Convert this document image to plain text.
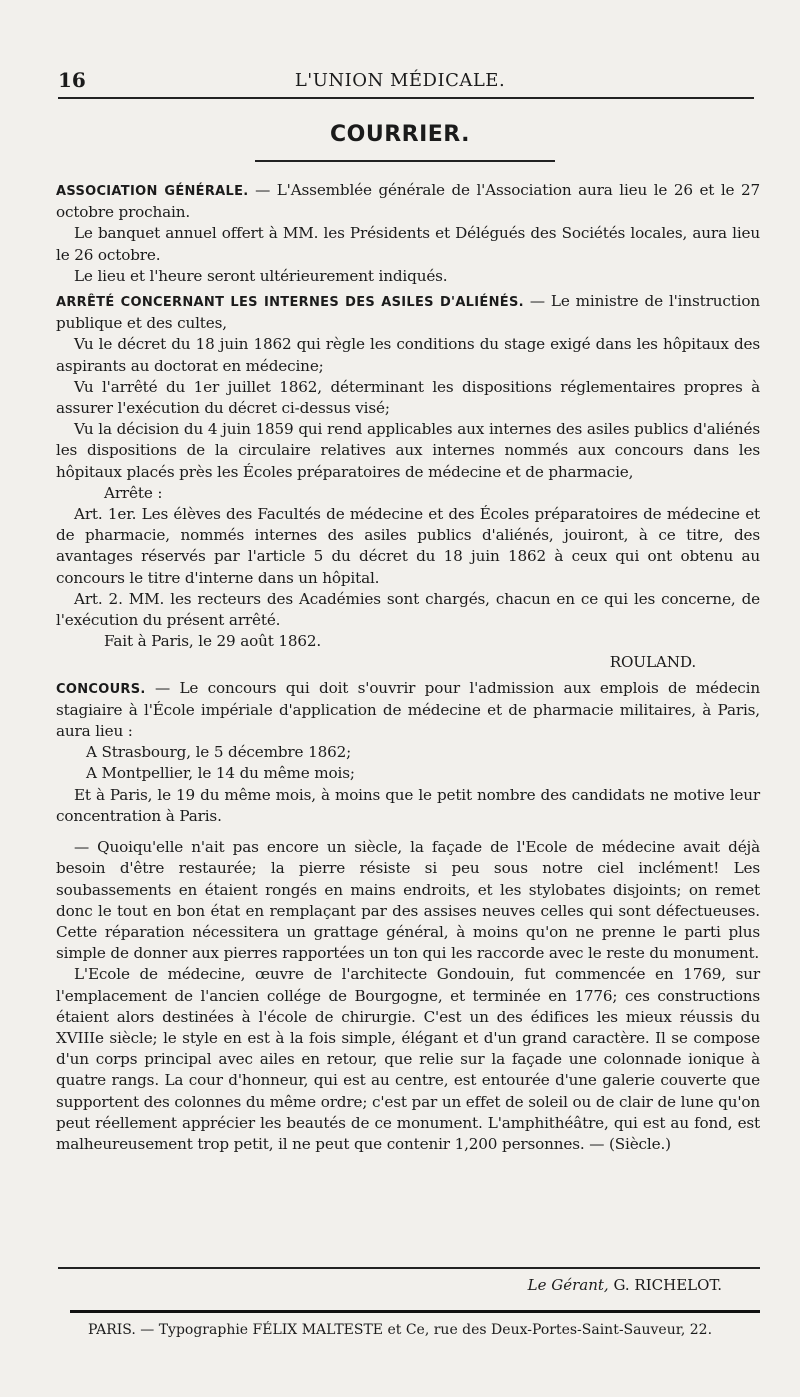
16	L'UNION MÉDICALE.
COURRIER.

ASSOCIATION GÉNÉRALE. — L'Assemblée générale de l'Association aura lieu le 26 et le 27 octobre prochain.

Le banquet annuel offert à MM. les Présidents et Délégués des Sociétés locales, aura lieu le 26 octobre.

Le lieu et l'heure seront ultérieurement indiqués.

ARRÊTÉ CONCERNANT LES INTERNES DES ASILES D'ALIÉNÉS. — Le ministre de l'instruction publique et des cultes,

Vu le décret du 18 juin 1862 qui règle les conditions du stage exigé dans les hôpitaux des aspirants au doctorat en médecine;

Vu l'arrêté du 1er juillet 1862, déterminant les dispositions réglementaires propres à assurer l'exécution du décret ci-dessus visé;

Vu la décision du 4 juin 1859 qui rend applicables aux internes des asiles publics d'aliénés les dispositions de la circulaire relatives aux internes nommés aux concours dans les hôpitaux placés près les Écoles préparatoires de médecine et de pharmacie,

Arrête :

Art. 1er. Les élèves des Facultés de médecine et des Écoles préparatoires de médecine et de pharmacie, nommés internes des asiles publics d'aliénés, jouiront, à ce titre, des avantages réservés par l'article 5 du décret du 18 juin 1862 à ceux qui ont obtenu au concours le titre d'interne dans un hôpital.

Art. 2. MM. les recteurs des Académies sont chargés, chacun en ce qui les concerne, de l'exécution du présent arrêté.

Fait à Paris, le 29 août 1862.

ROULAND.

CONCOURS. — Le concours qui doit s'ouvrir pour l'admission aux emplois de médecin stagiaire à l'École impériale d'application de médecine et de pharmacie militaires, à Paris, aura lieu :

A Strasbourg, le 5 décembre 1862;

A Montpellier, le 14 du même mois;

Et à Paris, le 19 du même mois, à moins que le petit nombre des candidats ne motive leur concentration à Paris.

— Quoiqu'elle n'ait pas encore un siècle, la façade de l'Ecole de médecine avait déjà besoin d'être restaurée; la pierre résiste si peu sous notre ciel inclément! Les soubassements en étaient rongés en mains endroits, et les stylobates disjoints; on remet donc le tout en bon état en remplaçant par des assises neuves celles qui sont défectueuses. Cette réparation nécessitera un grattage général, à moins qu'on ne prenne le parti plus simple de donner aux pierres rapportées un ton qui les raccorde avec le reste du monument.

L'Ecole de médecine, œuvre de l'architecte Gondouin, fut commencée en 1769, sur l'emplacement de l'ancien collége de Bourgogne, et terminée en 1776; ces constructions étaient alors destinées à l'école de chirurgie. C'est un des édifices les mieux réussis du XVIIIe siècle; le style en est à la fois simple, élégant et d'un grand caractère. Il se compose d'un corps principal avec ailes en retour, que relie sur la façade une colonnade ionique à quatre rangs. La cour d'honneur, qui est au centre, est entourée d'une galerie couverte que supportent des colonnes du même ordre; c'est par un effet de soleil ou de clair de lune qu'on peut réellement apprécier les beautés de ce monument. L'amphithéâtre, qui est au fond, est malheureusement trop petit, il ne peut que contenir 1,200 personnes. — (Siècle.)

Le Gérant, G. RICHELOT.
PARIS. — Typographie FÉLIX MALTESTE et Ce, rue des Deux-Portes-Saint-Sauveur, 22.
